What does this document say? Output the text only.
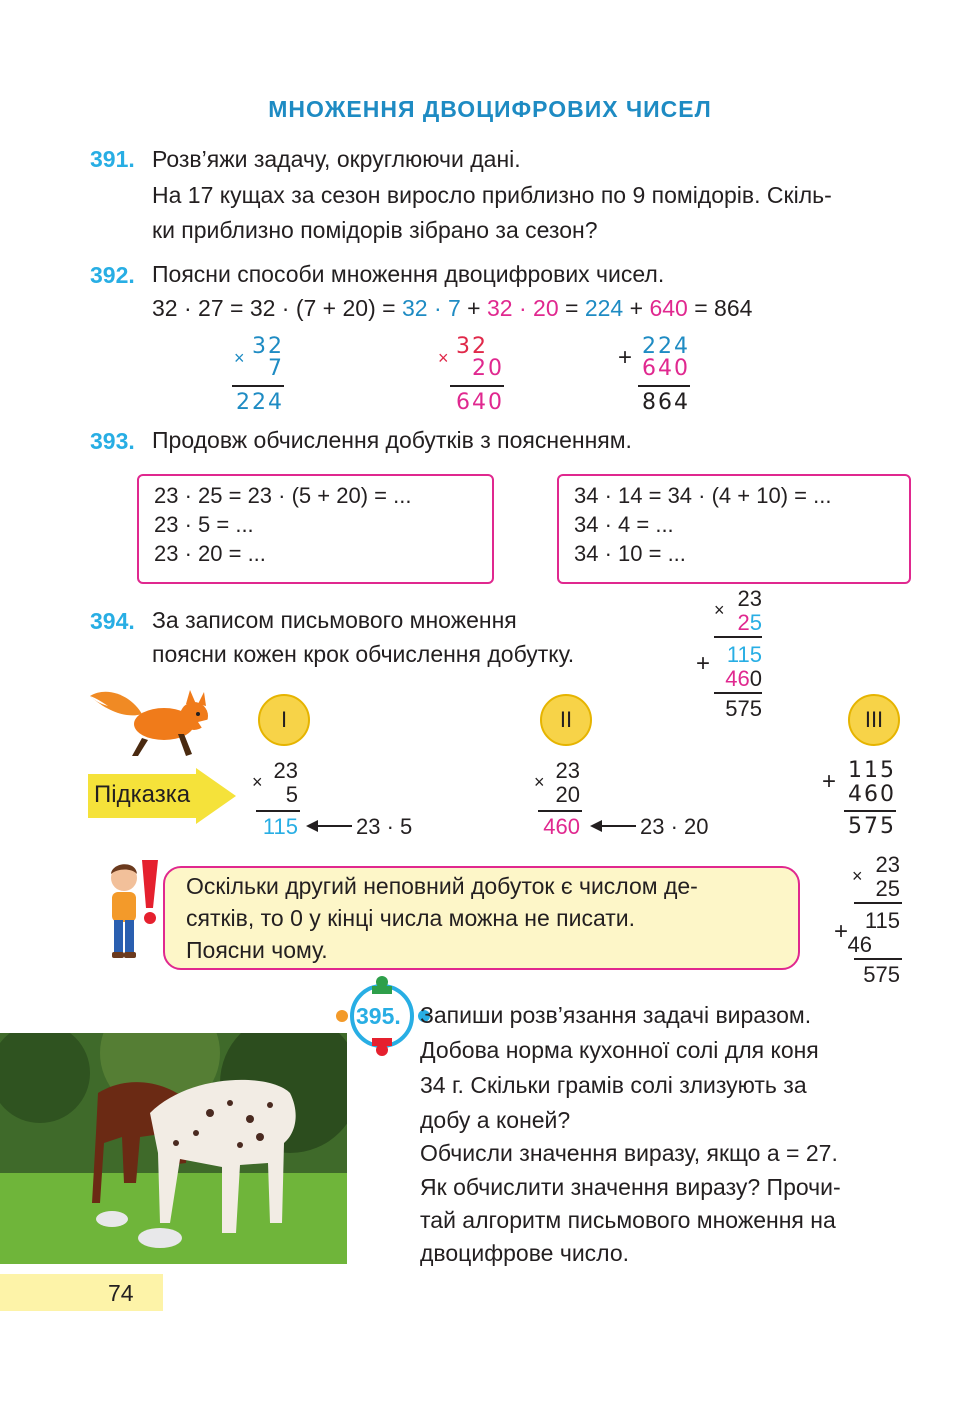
МНОЖЕННЯ ДВОЦИФРОВИХ ЧИСЕЛ
391. Розв’яжи задачу, округлюючи дані.
На 17 кущах за сезон виросло приблизно по 9 помідорів. Скіль-
ки приблизно помідорів зібрано за сезон?
392. Поясни способи множення двоцифрових чисел.
32 · 27 = 32 · (7 + 20) = 32 · 7 + 32 · 20 = 224 + 640 = 864
× 32
7
224
× 32
20
640
+ 224
640
864
393. Продовж обчислення добутків з поясненням.
23 · 25 = 23 · (5 + 20) = ...
23 · 5 = ...
23 · 20 = ...
34 · 14 = 34 · (4 + 10) = ...
34 · 4 = ...
34 · 10 = ...
394. За записом письмового множення
поясни кожен крок обчислення добутку.
× 23
25
+ 115
460
575
Підказка
I	II	III
× 23
5
115	23 · 5
× 23
20
460	23 · 20
+ 115
460
575
Оскільки другий неповний добуток є числом де-
сятків, то 0 у кінці числа можна не писати.
Поясни чому.
× 23
25
+ 115
46
575
395. Запиши розв’язання задачі виразом.
Добова норма кухонної солі для коня
34 г. Скільки грамів солі злизують за
добу a коней?
Обчисли значення виразу, якщо a = 27.
Як обчислити значення виразу? Прочи-
тай алгоритм письмового множення на
двоцифрове число.
74
